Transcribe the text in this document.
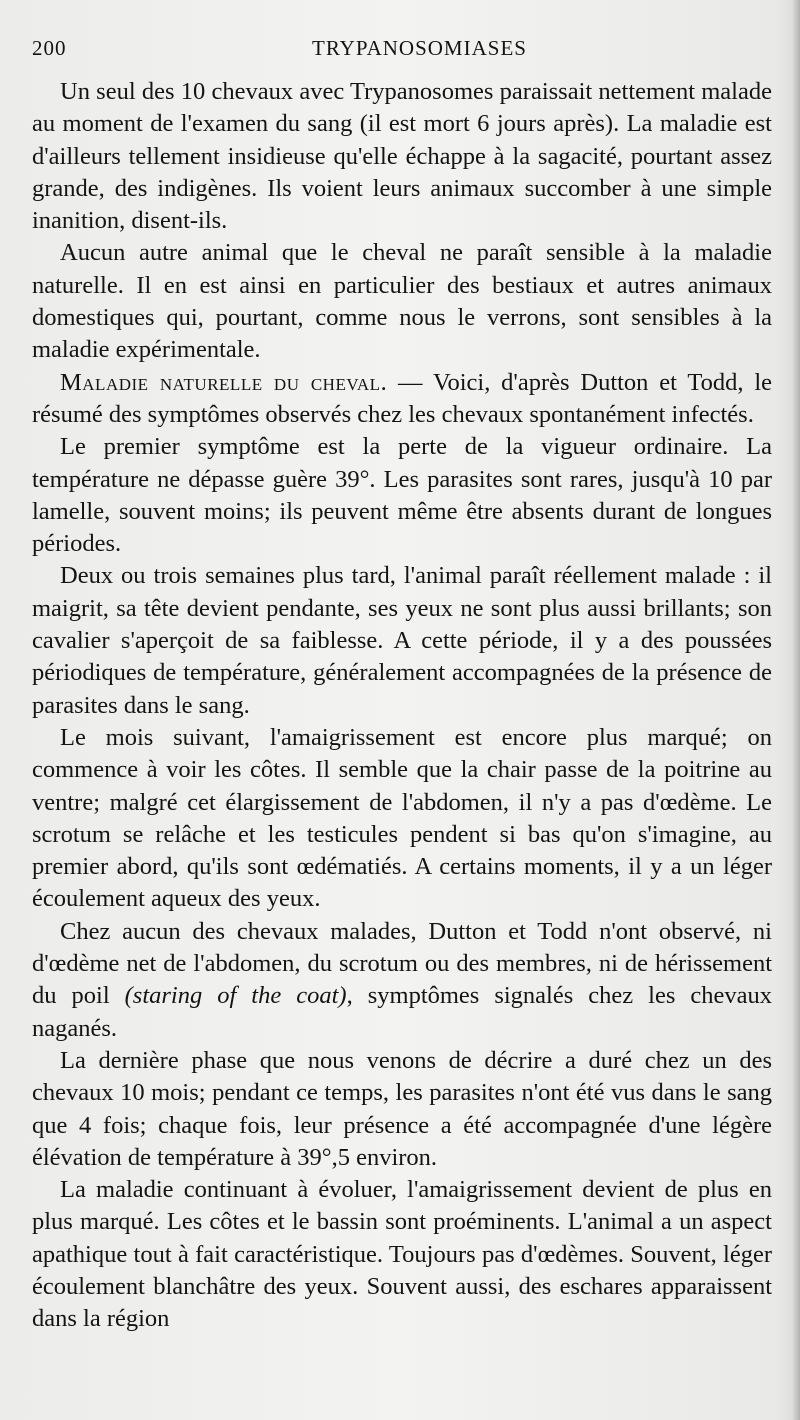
200	TRYPANOSOMIASES

Un seul des 10 chevaux avec Trypanosomes paraissait nettement malade au moment de l'examen du sang (il est mort 6 jours après). La maladie est d'ailleurs tellement insidieuse qu'elle échappe à la sagacité, pourtant assez grande, des indigènes. Ils voient leurs animaux succomber à une simple inanition, disent-ils.

Aucun autre animal que le cheval ne paraît sensible à la maladie naturelle. Il en est ainsi en particulier des bestiaux et autres animaux domestiques qui, pourtant, comme nous le verrons, sont sensibles à la maladie expérimentale.

Maladie naturelle du cheval. — Voici, d'après Dutton et Todd, le résumé des symptômes observés chez les chevaux spontanément infectés.

Le premier symptôme est la perte de la vigueur ordinaire. La température ne dépasse guère 39°. Les parasites sont rares, jusqu'à 10 par lamelle, souvent moins; ils peuvent même être absents durant de longues périodes.

Deux ou trois semaines plus tard, l'animal paraît réellement malade : il maigrit, sa tête devient pendante, ses yeux ne sont plus aussi brillants; son cavalier s'aperçoit de sa faiblesse. A cette période, il y a des poussées périodiques de température, généralement accompagnées de la présence de parasites dans le sang.

Le mois suivant, l'amaigrissement est encore plus marqué; on commence à voir les côtes. Il semble que la chair passe de la poitrine au ventre; malgré cet élargissement de l'abdomen, il n'y a pas d'œdème. Le scrotum se relâche et les testicules pendent si bas qu'on s'imagine, au premier abord, qu'ils sont œdématiés. A certains moments, il y a un léger écoulement aqueux des yeux.

Chez aucun des chevaux malades, Dutton et Todd n'ont observé, ni d'œdème net de l'abdomen, du scrotum ou des membres, ni de hérissement du poil (staring of the coat), symptômes signalés chez les chevaux naganés.

La dernière phase que nous venons de décrire a duré chez un des chevaux 10 mois; pendant ce temps, les parasites n'ont été vus dans le sang que 4 fois; chaque fois, leur présence a été accompagnée d'une légère élévation de température à 39°,5 environ.

La maladie continuant à évoluer, l'amaigrissement devient de plus en plus marqué. Les côtes et le bassin sont proéminents. L'animal a un aspect apathique tout à fait caractéristique. Toujours pas d'œdèmes. Souvent, léger écoulement blanchâtre des yeux. Souvent aussi, des eschares apparaissent dans la région
